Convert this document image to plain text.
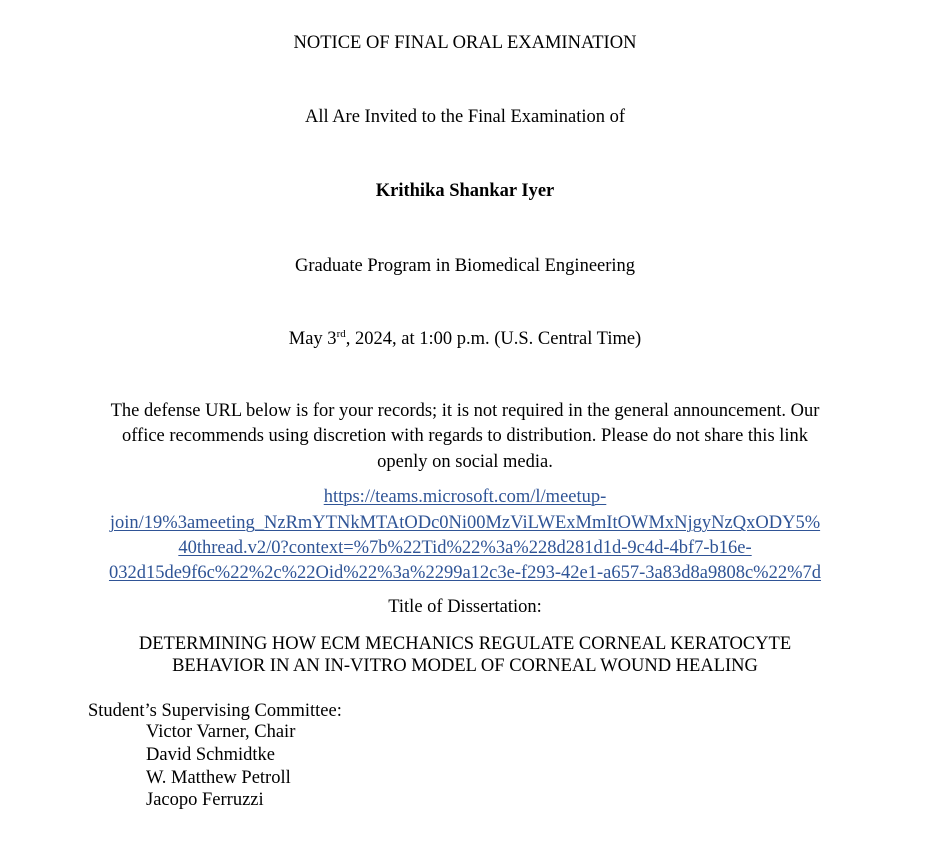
NOTICE OF FINAL ORAL EXAMINATION
All Are Invited to the Final Examination of
Krithika Shankar Iyer
Graduate Program in Biomedical Engineering
May 3rd, 2024, at 1:00 p.m. (U.S. Central Time)
The defense URL below is for your records; it is not required in the general announcement. Our
office recommends using discretion with regards to distribution. Please do not share this link
openly on social media.
https://teams.microsoft.com/l/meetup-
join/19%3ameeting_NzRmYTNkMTAtODc0Ni00MzViLWExMmItOWMxNjgyNzQxODY5%
40thread.v2/0?context=%7b%22Tid%22%3a%228d281d1d-9c4d-4bf7-b16e-
032d15de9f6c%22%2c%22Oid%22%3a%2299a12c3e-f293-42e1-a657-3a83d8a9808c%22%7d
Title of Dissertation:
DETERMINING HOW ECM MECHANICS REGULATE CORNEAL KERATOCYTE
BEHAVIOR IN AN IN-VITRO MODEL OF CORNEAL WOUND HEALING
Student’s Supervising Committee:
Victor Varner, Chair
David Schmidtke
W. Matthew Petroll
Jacopo Ferruzzi
